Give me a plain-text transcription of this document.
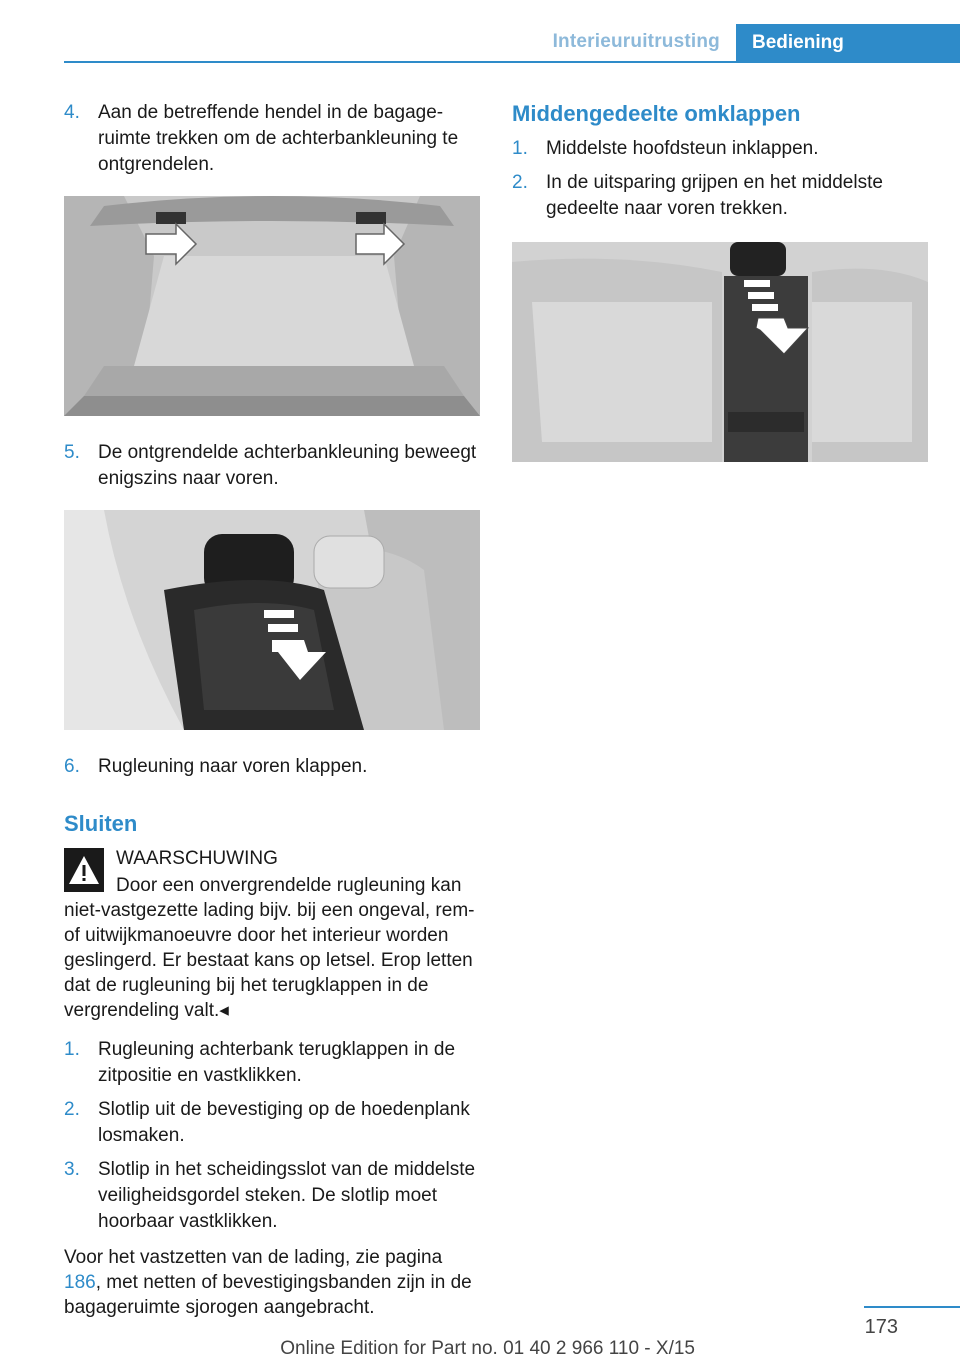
Interieuruitrusting	Bediening
4. Aan de betreffende hendel in de bagageruimte trekken om de achterbankleuning te ontgrendelen.
5. De ontgrendelde achterbankleuning beweegt enigszins naar voren.
6. Rugleuning naar voren klappen.
Sluiten
WAARSCHUWING
Door een onvergrendelde rugleuning kan niet-vastgezette lading bijv. bij een ongeval, rem- of uitwijkmanoeuvre door het interieur worden geslingerd. Er bestaat kans op letsel. Erop letten dat de rugleuning bij het terugklappen in de vergrendeling valt.◂
1. Rugleuning achterbank terugklappen in de zitpositie en vastklikken.
2. Slotlip uit de bevestiging op de hoedenplank losmaken.
3. Slotlip in het scheidingsslot van de middelste veiligheidsgordel steken. De slotlip moet hoorbaar vastklikken.
Voor het vastzetten van de lading, zie pagina 186, met netten of bevestigingsbanden zijn in de bagageruimte sjorogen aangebracht.
Middengedeelte omklappen
1. Middelste hoofdsteun inklappen.
2. In de uitsparing grijpen en het middelste gedeelte naar voren trekken.
173
Online Edition for Part no. 01 40 2 966 110 - X/15
